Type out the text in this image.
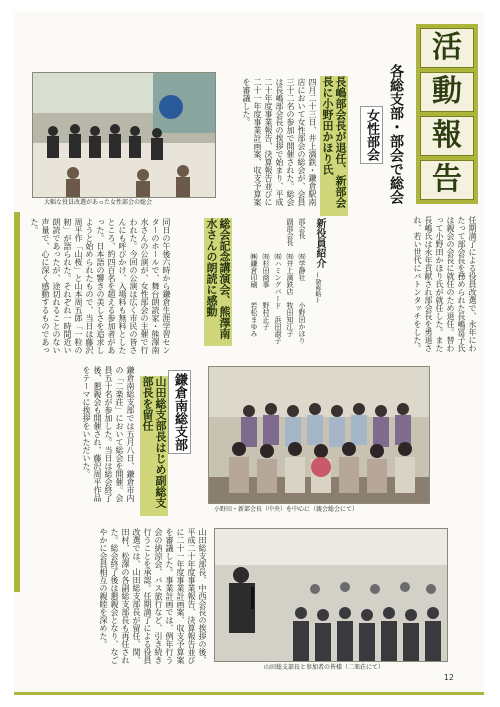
活
動
報
告
各総支部・部会で総会
大幅な役員改選があった女性部会の総会	長嶋部会長が退任、新部会長に小野田かほり氏	女性部会
四月二十三日、井上滴鉄・鎌倉駅南店において女性部会の総会が、会員三十二名の参加で開催された。総会は長嶋部会長の挨拶で始まり、平成二十年度事業報告、決算報告並びに二十一年度事業計画案、収支予算案を審議した。
任期満了による役員改選で、永年にわたって部会長を務められた長嶋冨子氏は親会の会長に就任のため退任。替わって小野田かほり氏が就任した。また長嶋氏は永年貢献され部会長を勇退され、若い世代にバトンタッチをした。
新役員紹介
(敬称略)
部会長　　㈲学静社　　　小野田かほり
副部会長　㈲井上滴鉄店　牧田知江子
　　　　　㈲ハミングバード　浜田淑子
　　　　　㈲杉田商事　　野村正子
　　　　　㈱鎌倉印刷　　若松まゆみ
総会記念講演会、熊澤南水さんの朗読に感動
同日の午後六時から鎌倉生涯学習センターのホールで、舞台朗読家・熊澤南水さんの公演が、女性部会の主催で行われた。今回の公演は広く市民の皆さんにも呼びかけ、入場料も無料としたところ、約四百名を超える参加者があった。日本語の響きの美しさを追求しようと始められたもので、当日は藤沢周平作「山桜」と山本周五郎「一粒の籾」が語られた。それぞれ一時間近い朗読であったが、途切れることのない声量で、心に深く感動するものであった。
小野田・新部会長（中央）を中心に（親会総会にて）
鎌倉南総支部
山田総支部長はじめ副総支部長を留任
鎌倉南総支部では五月八日、鎌倉市内の「二楽荘」において総会を開催。会員五十名が参加した。当日は総会終了後、懇親会も開催され、藤沢周平作品をテーマに挨拶をいただいた。
山田総支部長と参加者の皆様（二楽荘にて）
山田総支部長、中西会長の挨拶の後、平成二十年度事業報告、決算報告並びに二十一年度事業計画案、収支予算案を審議した。事業計画では、例年行う会の納涼会、バス旅行など、引き続き行うことを承認。任期満了による役員改選では、山田総支部長が留任、関、田村、松澤の各副総支部長も再任された。総会終了後は懇親会となり、なごやかに会員相互の親睦を深めた。
12
